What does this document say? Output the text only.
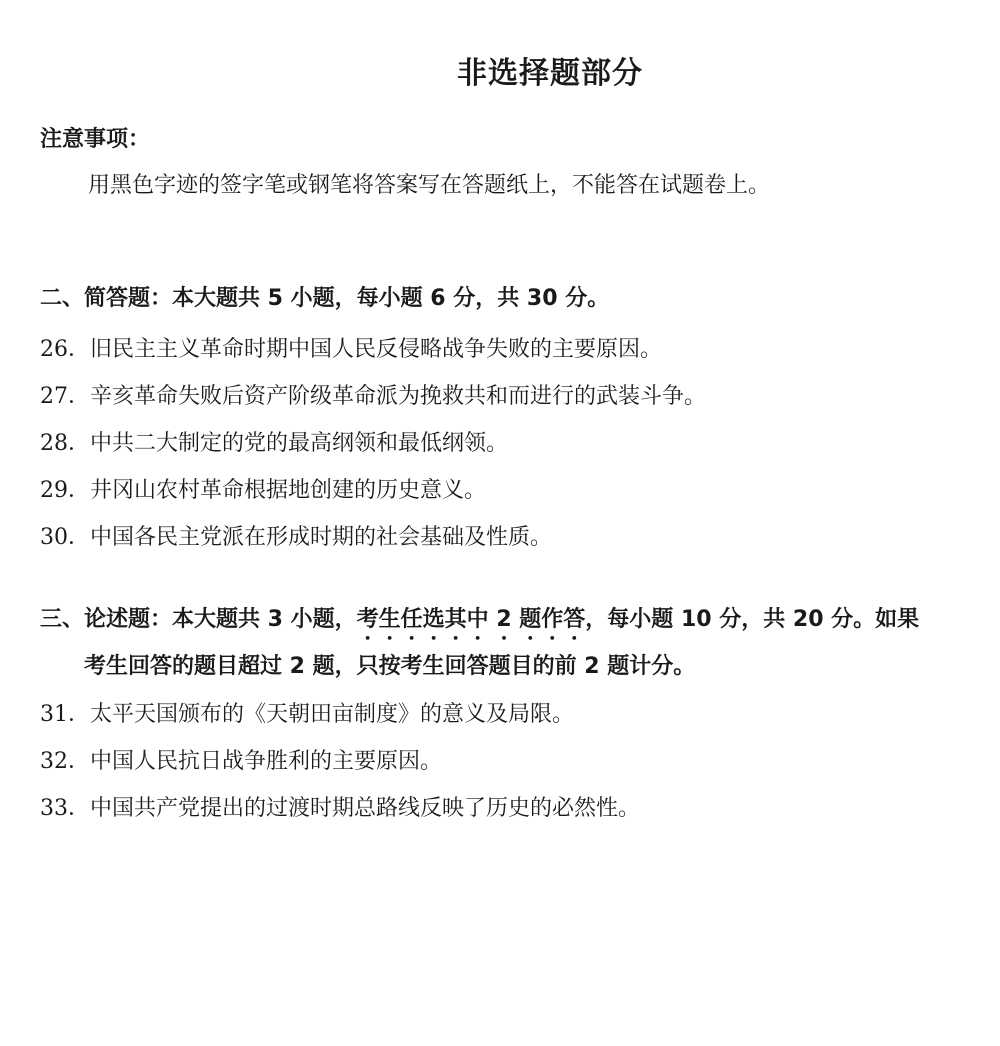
非选择题部分
注意事项：
用黑色字迹的签字笔或钢笔将答案写在答题纸上，不能答在试题卷上。
二、简答题：本大题共 5 小题，每小题 6 分，共 30 分。
26．旧民主主义革命时期中国人民反侵略战争失败的主要原因。
27．辛亥革命失败后资产阶级革命派为挽救共和而进行的武装斗争。
28．中共二大制定的党的最高纲领和最低纲领。
29．井冈山农村革命根据地创建的历史意义。
30．中国各民主党派在形成时期的社会基础及性质。
三、论述题：本大题共 3 小题，考生任选其中 2 题作答，每小题 10 分，共 20 分。如果
考生回答的题目超过 2 题，只按考生回答题目的前 2 题计分。
31．太平天国颁布的《天朝田亩制度》的意义及局限。
32．中国人民抗日战争胜利的主要原因。
33．中国共产党提出的过渡时期总路线反映了历史的必然性。
